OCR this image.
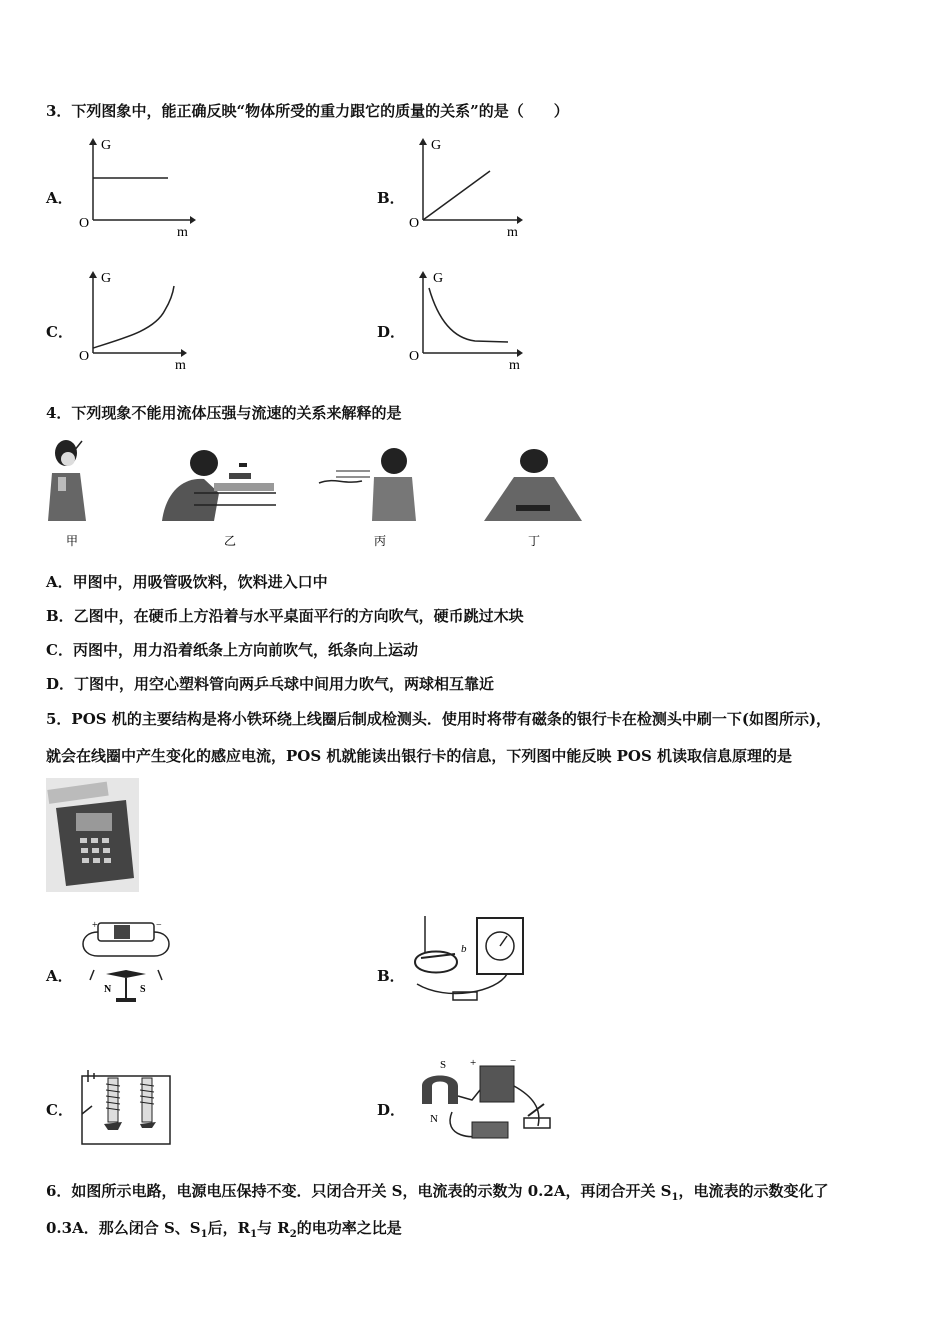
3．下列图象中，能正确反映“物体所受的重力跟它的质量的关系”的是（　　）
A．
G
O
m
B．
G
O
m
C．
G
O
m
D．
G
O
m
4．下列现象不能用流体压强与流速的关系来解释的是
甲	乙	丙	丁
A．甲图中，用吸管吸饮料，饮料进入口中
B．乙图中，在硬币上方沿着与水平桌面平行的方向吹气，硬币跳过木块
C．丙图中，用力沿着纸条上方向前吹气，纸条向上运动
D．丁图中，用空心塑料管向两乒乓球中间用力吹气，两球相互靠近
5．POS 机的主要结构是将小铁环绕上线圈后制成检测头．使用时将带有磁条的银行卡在检测头中刷一下(如图所示)，
就会在线圈中产生变化的感应电流，POS 机就能读出银行卡的信息，下列图中能反映 POS 机读取信息原理的是
A．
+	−
N	S
B．
b
C．	D．
S
N
+	−
6．如图所示电路，电源电压保持不变．只闭合开关 S，电流表的示数为 0.2A，再闭合开关 $S_1$，电流表的示数变化了
0.3A．那么闭合 S、$S_1$后，$R_1$与 $R_2$的电功率之比是
